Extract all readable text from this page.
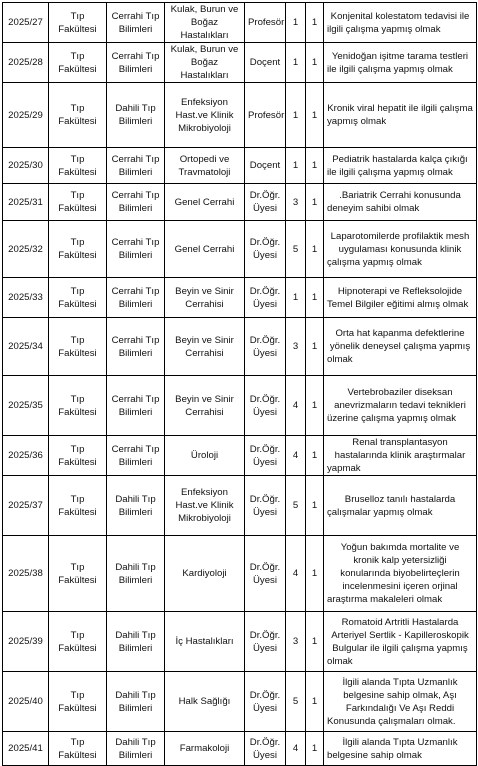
2025/27	Tıp Fakültesi	Cerrahi Tıp Bilimleri	Kulak, Burun ve Boğaz Hastalıkları	Profesör	1	1	Konjenital kolestatom tedavisi ile ilgili çalışma yapmış olmak
2025/28	Tıp Fakültesi	Cerrahi Tıp Bilimleri	Kulak, Burun ve Boğaz Hastalıkları	Doçent	1	1	Yenidoğan işitme tarama testleri ile ilgili çalışma yapmış olmak
2025/29	Tıp Fakültesi	Dahili Tıp Bilimleri	Enfeksiyon Hast.ve Klinik Mikrobiyoloji	Profesör	1	1	Kronik viral hepatit ile ilgili çalışma yapmış olmak
2025/30	Tıp Fakültesi	Cerrahi Tıp Bilimleri	Ortopedi ve Travmatoloji	Doçent	1	1	Pediatrik hastalarda kalça çıkığı ile ilgili çalışma yapmış olmak
2025/31	Tıp Fakültesi	Cerrahi Tıp Bilimleri	Genel Cerrahi	Dr.Öğr. Üyesi	3	1	.Bariatrik Cerrahi konusunda deneyim sahibi olmak
2025/32	Tıp Fakültesi	Cerrahi Tıp Bilimleri	Genel Cerrahi	Dr.Öğr. Üyesi	5	1	Laparotomilerde profilaktik mesh uygulaması konusunda klinik çalışma yapmış olmak
2025/33	Tıp Fakültesi	Cerrahi Tıp Bilimleri	Beyin ve Sinir Cerrahisi	Dr.Öğr. Üyesi	1	1	Hipnoterapi ve Refleksolojide Temel Bilgiler eğitimi almış olmak
2025/34	Tıp Fakültesi	Cerrahi Tıp Bilimleri	Beyin ve Sinir Cerrahisi	Dr.Öğr. Üyesi	3	1	Orta hat kapanma defektlerine yönelik deneysel çalışma yapmış olmak
2025/35	Tıp Fakültesi	Cerrahi Tıp Bilimleri	Beyin ve Sinir Cerrahisi	Dr.Öğr. Üyesi	4	1	Vertebrobaziler diseksan anevrizmaların tedavi teknikleri üzerine çalışma yapmış olmak
2025/36	Tıp Fakültesi	Cerrahi Tıp Bilimleri	Üroloji	Dr.Öğr. Üyesi	4	1	Renal transplantasyon hastalarında klinik araştırmalar yapmak
2025/37	Tıp Fakültesi	Dahili Tıp Bilimleri	Enfeksiyon Hast.ve Klinik Mikrobiyoloji	Dr.Öğr. Üyesi	5	1	Bruselloz tanılı hastalarda çalışmalar yapmış olmak
2025/38	Tıp Fakültesi	Dahili Tıp Bilimleri	Kardiyoloji	Dr.Öğr. Üyesi	4	1	Yoğun bakımda mortalite ve kronik kalp yetersizliği konularında biyobelirteçlerin incelenmesini içeren orjinal araştırma makaleleri olmak
2025/39	Tıp Fakültesi	Dahili Tıp Bilimleri	İç Hastalıkları	Dr.Öğr. Üyesi	3	1	Romatoid Artritli Hastalarda Arteriyel Sertlik - Kapilleroskopik Bulgular ile ilgili çalışma yapmış olmak
2025/40	Tıp Fakültesi	Dahili Tıp Bilimleri	Halk Sağlığı	Dr.Öğr. Üyesi	5	1	İlgili alanda Tıpta Uzmanlık belgesine sahip olmak, Aşı Farkındalığı Ve Aşı Reddi Konusunda çalışmaları olmak.
2025/41	Tıp Fakültesi	Dahili Tıp Bilimleri	Farmakoloji	Dr.Öğr. Üyesi	4	1	İlgili alanda Tıpta Uzmanlık belgesine sahip olmak
